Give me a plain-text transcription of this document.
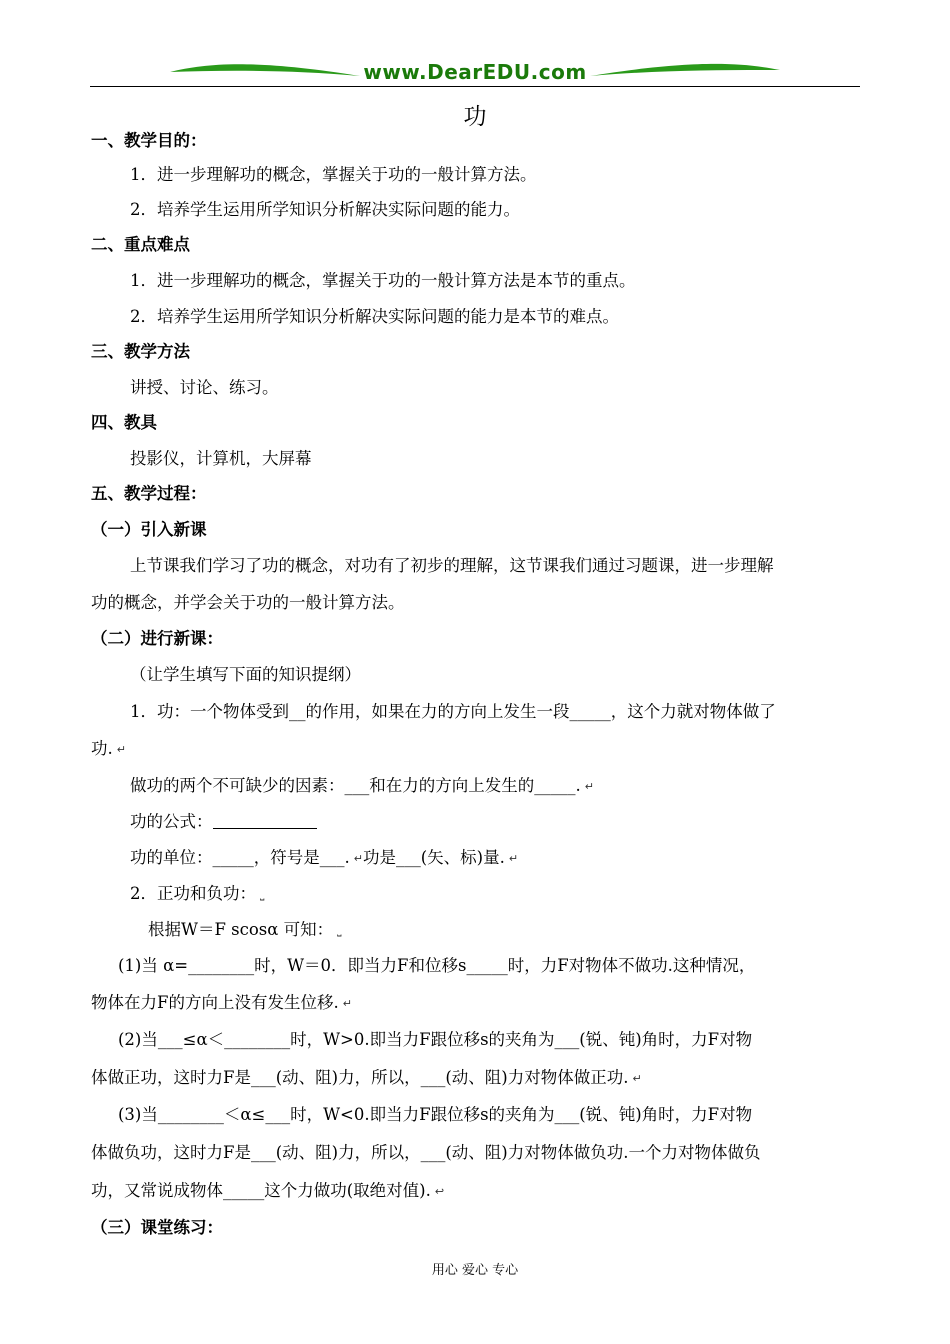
www.DearEDU.com
功
一、教学目的：
1．进一步理解功的概念，掌握关于功的一般计算方法。
2．培养学生运用所学知识分析解决实际问题的能力。
二、重点难点
1．进一步理解功的概念，掌握关于功的一般计算方法是本节的重点。
2．培养学生运用所学知识分析解决实际问题的能力是本节的难点。
三、教学方法
讲授、讨论、练习。
四、教具
投影仪，计算机，大屏幕
五、教学过程：
（一）引入新课
上节课我们学习了功的概念，对功有了初步的理解，这节课我们通过习题课，进一步理解
功的概念，并学会关于功的一般计算方法。
（二）进行新课：
（让学生填写下面的知识提纲）
1．功：一个物体受到__的作用，如果在力的方向上发生一段_____，这个力就对物体做了
功. ↵
做功的两个不可缺少的因素：___和在力的方向上发生的_____. ↵
功的公式：
功的单位：_____，符号是___. ↵功是___(矢、标)量. ↵
2．正功和负功： ⎵
根据W＝F scosα 可知： ⎵
(1)当 α=________时，W＝0．即当力F和位移s_____时，力F对物体不做功.这种情况，
物体在力F的方向上没有发生位移. ↵
(2)当___≤α＜________时，W>0.即当力F跟位移s的夹角为___(锐、钝)角时，力F对物
体做正功，这时力F是___(动、阻)力，所以，___(动、阻)力对物体做正功. ↵
(3)当________＜α≤___时，W<0.即当力F跟位移s的夹角为___(锐、钝)角时，力F对物
体做负功，这时力F是___(动、阻)力，所以，___(动、阻)力对物体做负功.一个力对物体做负
功，又常说成物体_____这个力做功(取绝对值). ↩
（三）课堂练习：
用心 爱心 专心
